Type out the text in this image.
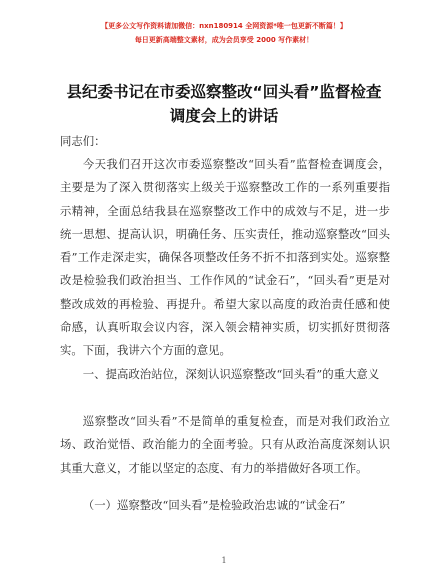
【更多公文写作资料请加微信：nxn180914 全网资源*唯一包更新不断篇！】
每日更新高端整文素材，成为会员享受 2000 写作素材！
县纪委书记在市委巡察整改“回头看”监督检查调度会上的讲话
同志们：
今天我们召开这次市委巡察整改“回头看”监督检查调度会，主要是为了深入贯彻落实上级关于巡察整改工作的一系列重要指示精神，全面总结我县在巡察整改工作中的成效与不足，进一步统一思想、提高认识，明确任务、压实责任，推动巡察整改“回头看”工作走深走实，确保各项整改任务不折不扣落到实处。巡察整改是检验我们政治担当、工作作风的“试金石”，“回头看”更是对整改成效的再检验、再提升。希望大家以高度的政治责任感和使命感，认真听取会议内容，深入领会精神实质，切实抓好贯彻落实。下面，我讲六个方面的意见。
一、提高政治站位，深刻认识巡察整改“回头看”的重大意义
巡察整改“回头看”不是简单的重复检查，而是对我们政治立场、政治觉悟、政治能力的全面考验。只有从政治高度深刻认识其重大意义，才能以坚定的态度、有力的举措做好各项工作。
（一）巡察整改“回头看”是检验政治忠诚的“试金石”
1
